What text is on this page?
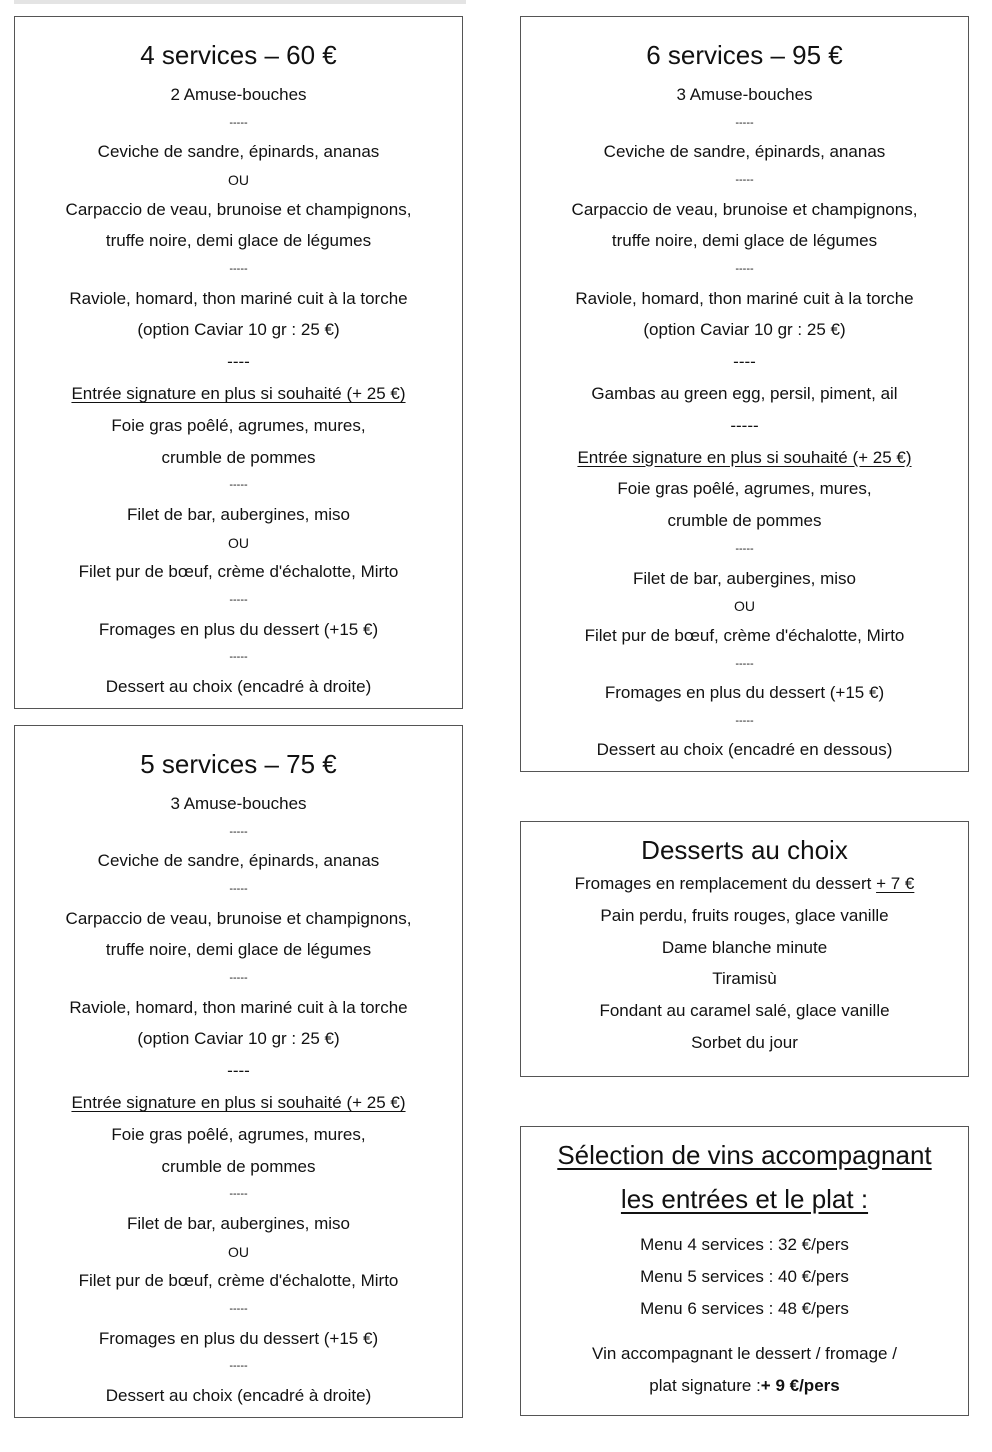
4 services – 60 €
2 Amuse-bouches
-----
Ceviche de sandre, épinards, ananas
OU
Carpaccio de veau, brunoise et champignons,
truffe noire, demi glace de légumes
-----
Raviole, homard, thon mariné cuit à la torche
(option Caviar 10 gr : 25 €)
----
Entrée signature en plus si souhaité (+ 25 €)
Foie gras poêlé, agrumes, mures,
crumble de pommes
-----
Filet de bar, aubergines, miso
OU
Filet pur de bœuf, crème d'échalotte, Mirto
-----
Fromages en plus du dessert (+15 €)
-----
Dessert au choix (encadré à droite)
5 services – 75 €
3 Amuse-bouches
-----
Ceviche de sandre, épinards, ananas
-----
Carpaccio de veau, brunoise et champignons,
truffe noire, demi glace de légumes
-----
Raviole, homard, thon mariné cuit à la torche
(option Caviar 10 gr : 25 €)
----
Entrée signature en plus si souhaité (+ 25 €)
Foie gras poêlé, agrumes, mures,
crumble de pommes
-----
Filet de bar, aubergines, miso
OU
Filet pur de bœuf, crème d'échalotte, Mirto
-----
Fromages en plus du dessert (+15 €)
-----
Dessert au choix (encadré à droite)
6 services – 95 €
3 Amuse-bouches
-----
Ceviche de sandre, épinards, ananas
-----
Carpaccio de veau, brunoise et champignons,
truffe noire, demi glace de légumes
-----
Raviole, homard, thon mariné cuit à la torche
(option Caviar 10 gr : 25 €)
----
Gambas au green egg, persil, piment, ail
-----
Entrée signature en plus si souhaité (+ 25 €)
Foie gras poêlé, agrumes, mures,
crumble de pommes
-----
Filet de bar, aubergines, miso
OU
Filet pur de bœuf, crème d'échalotte, Mirto
-----
Fromages en plus du dessert (+15 €)
-----
Dessert au choix (encadré en dessous)
Desserts au choix
Fromages en remplacement du dessert + 7 €
Pain perdu, fruits rouges, glace vanille
Dame blanche minute
Tiramisù
Fondant au caramel salé, glace vanille
Sorbet du jour
Sélection de vins accompagnant
les entrées et le plat :
Menu 4 services : 32 €/pers
Menu 5 services : 40 €/pers
Menu 6 services : 48 €/pers
Vin accompagnant le dessert / fromage /
plat signature :+ 9 €/pers
